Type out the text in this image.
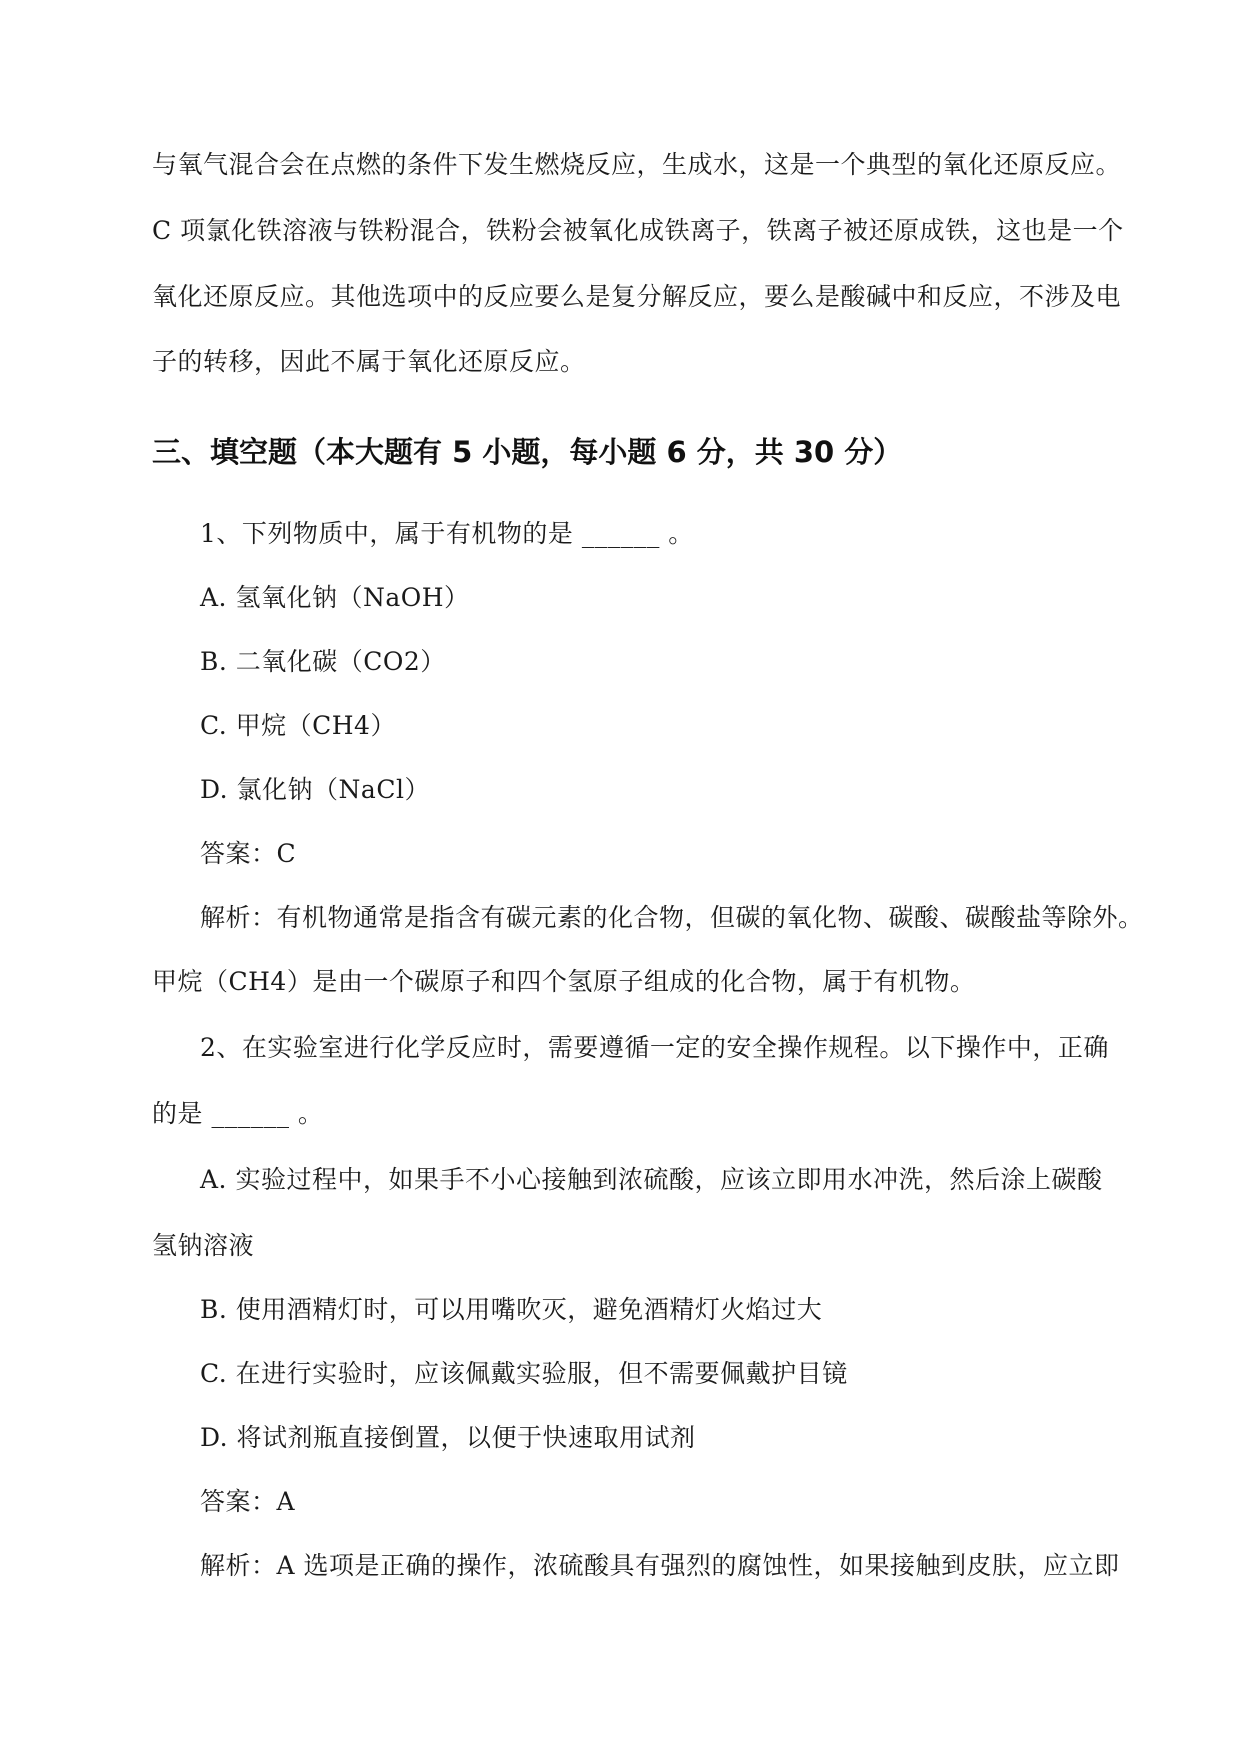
与氧气混合会在点燃的条件下发生燃烧反应，生成水，这是一个典型的氧化还原反应。
C 项氯化铁溶液与铁粉混合，铁粉会被氧化成铁离子，铁离子被还原成铁，这也是一个
氧化还原反应。其他选项中的反应要么是复分解反应，要么是酸碱中和反应，不涉及电
子的转移，因此不属于氧化还原反应。
三、填空题（本大题有 5 小题，每小题 6 分，共 30 分）
1、下列物质中，属于有机物的是 ______ 。
A. 氢氧化钠（NaOH）
B. 二氧化碳（CO2）
C. 甲烷（CH4）
D. 氯化钠（NaCl）
答案：C
解析：有机物通常是指含有碳元素的化合物，但碳的氧化物、碳酸、碳酸盐等除外。
甲烷（CH4）是由一个碳原子和四个氢原子组成的化合物，属于有机物。
2、在实验室进行化学反应时，需要遵循一定的安全操作规程。以下操作中，正确
的是 ______ 。
A. 实验过程中，如果手不小心接触到浓硫酸，应该立即用水冲洗，然后涂上碳酸
氢钠溶液
B. 使用酒精灯时，可以用嘴吹灭，避免酒精灯火焰过大
C. 在进行实验时，应该佩戴实验服，但不需要佩戴护目镜
D. 将试剂瓶直接倒置，以便于快速取用试剂
答案：A
解析：A 选项是正确的操作，浓硫酸具有强烈的腐蚀性，如果接触到皮肤，应立即
